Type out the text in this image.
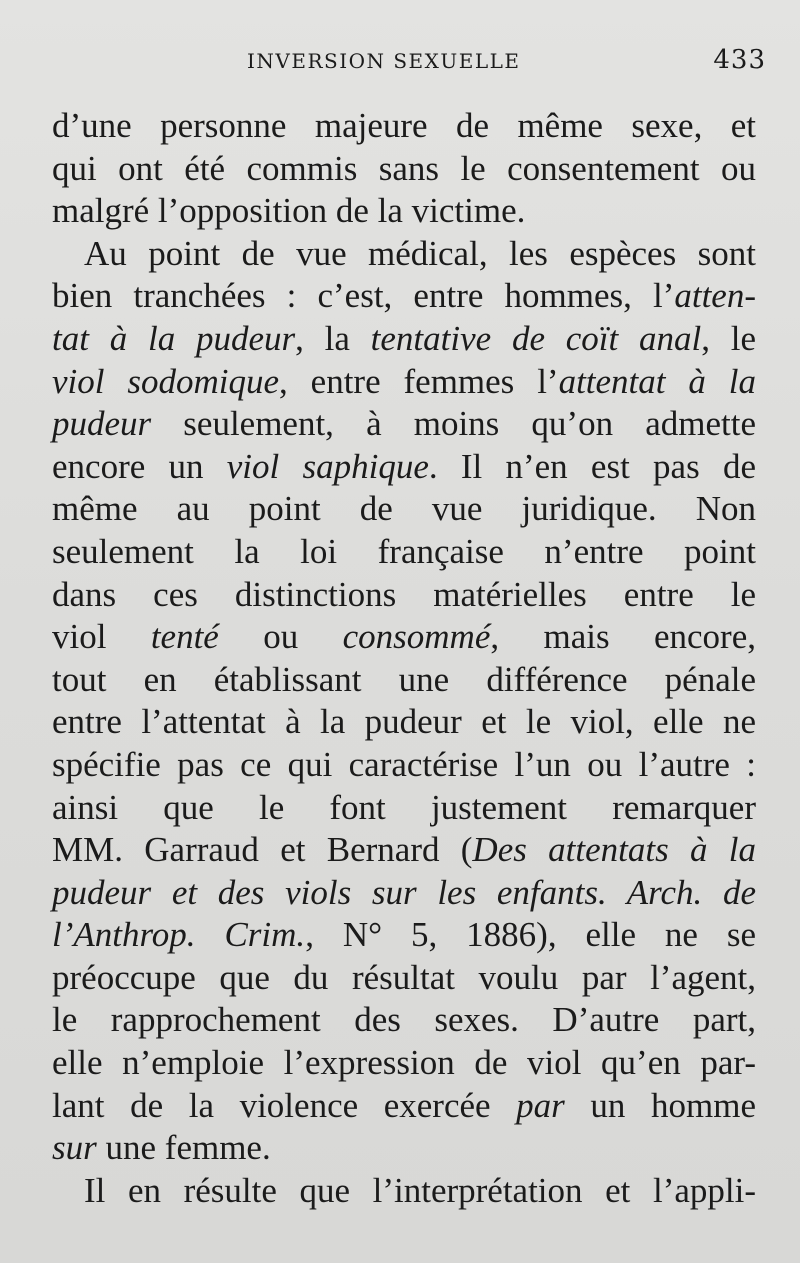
INVERSION SEXUELLE	433
d’une personne majeure de même sexe, et
qui ont été commis sans le consentement ou
malgré l’opposition de la victime.
Au point de vue médical, les espèces sont
bien tranchées : c’est, entre hommes, l’atten-
tat à la pudeur, la tentative de coït anal, le
viol sodomique, entre femmes l’attentat à la
pudeur seulement, à moins qu’on admette
encore un viol saphique. Il n’en est pas de
même au point de vue juridique. Non
seulement la loi française n’entre point
dans ces distinctions matérielles entre le
viol tenté ou consommé, mais encore,
tout en établissant une différence pénale
entre l’attentat à la pudeur et le viol, elle ne
spécifie pas ce qui caractérise l’un ou l’autre :
ainsi que le font justement remarquer
MM. Garraud et Bernard (Des attentats à la
pudeur et des viols sur les enfants. Arch. de
l’Anthrop. Crim., N° 5, 1886), elle ne se
préoccupe que du résultat voulu par l’agent,
le rapprochement des sexes. D’autre part,
elle n’emploie l’expression de viol qu’en par-
lant de la violence exercée par un homme
sur une femme.
Il en résulte que l’interprétation et l’appli-
